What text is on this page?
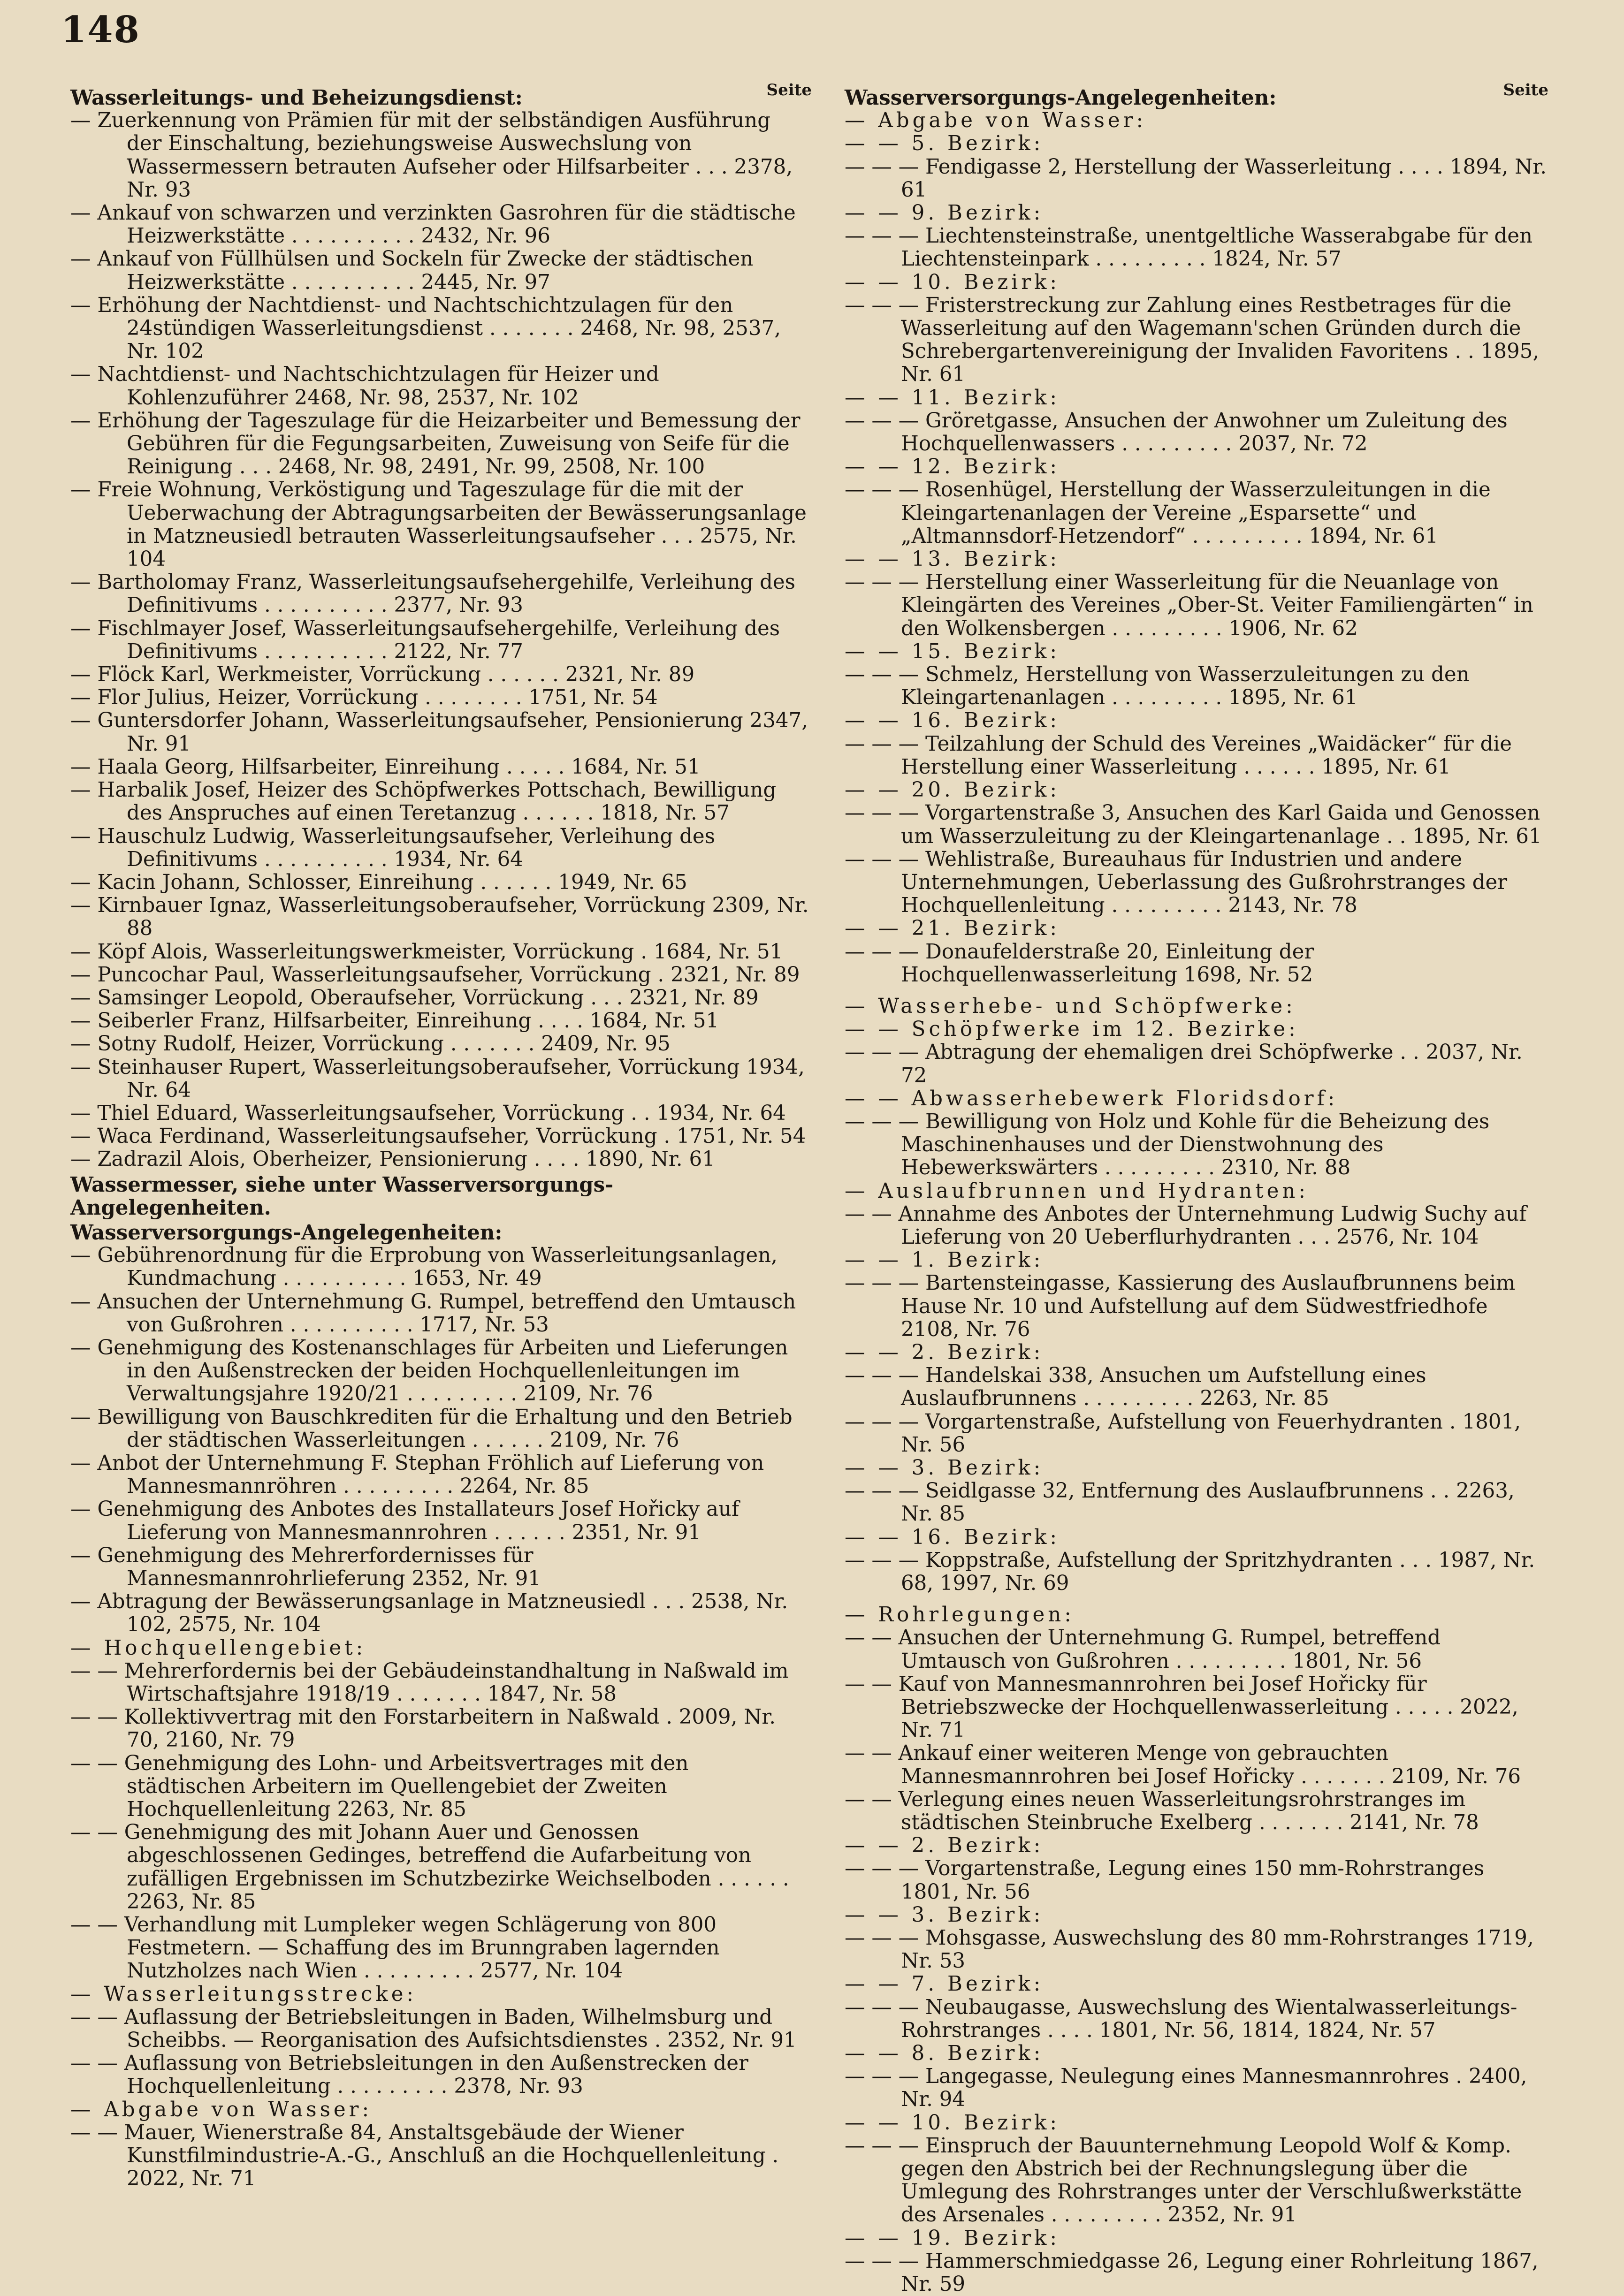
148
Seite
Wasserleitungs- und Beheizungsdienst:
— Zuerkennung von Prämien für mit der selbständigen Ausführung der Einschaltung, beziehungsweise Auswechslung von Wassermessern betrauten Aufseher oder Hilfsarbeiter . . . 2378, Nr. 93
— Ankauf von schwarzen und verzinkten Gasrohren für die städtische Heizwerkstätte . . . . . . . . . . 2432, Nr. 96
— Ankauf von Füllhülsen und Sockeln für Zwecke der städtischen Heizwerkstätte . . . . . . . . . . 2445, Nr. 97
— Erhöhung der Nachtdienst- und Nachtschichtzulagen für den 24stündigen Wasserleitungsdienst . . . . . . . 2468, Nr. 98, 2537, Nr. 102
— Nachtdienst- und Nachtschichtzulagen für Heizer und Kohlenzuführer 2468, Nr. 98, 2537, Nr. 102
— Erhöhung der Tageszulage für die Heizarbeiter und Bemessung der Gebühren für die Fegungsarbeiten, Zuweisung von Seife für die Reinigung . . . 2468, Nr. 98, 2491, Nr. 99, 2508, Nr. 100
— Freie Wohnung, Verköstigung und Tageszulage für die mit der Ueberwachung der Abtragungsarbeiten der Bewässerungsanlage in Matzneusiedl betrauten Wasserleitungsaufseher . . . 2575, Nr. 104
— Bartholomay Franz, Wasserleitungsaufsehergehilfe, Verleihung des Definitivums . . . . . . . . . . 2377, Nr. 93
— Fischlmayer Josef, Wasserleitungsaufsehergehilfe, Verleihung des Definitivums . . . . . . . . . . 2122, Nr. 77
— Flöck Karl, Werkmeister, Vorrückung . . . . . . 2321, Nr. 89
— Flor Julius, Heizer, Vorrückung . . . . . . . . 1751, Nr. 54
— Guntersdorfer Johann, Wasserleitungsaufseher, Pensionierung 2347, Nr. 91
— Haala Georg, Hilfsarbeiter, Einreihung . . . . . 1684, Nr. 51
— Harbalik Josef, Heizer des Schöpfwerkes Pottschach, Bewilligung des Anspruches auf einen Teretanzug . . . . . . 1818, Nr. 57
— Hauschulz Ludwig, Wasserleitungsaufseher, Verleihung des Definitivums . . . . . . . . . . 1934, Nr. 64
— Kacin Johann, Schlosser, Einreihung . . . . . . 1949, Nr. 65
— Kirnbauer Ignaz, Wasserleitungsoberaufseher, Vorrückung 2309, Nr. 88
— Köpf Alois, Wasserleitungswerkmeister, Vorrückung . 1684, Nr. 51
— Puncochar Paul, Wasserleitungsaufseher, Vorrückung . 2321, Nr. 89
— Samsinger Leopold, Oberaufseher, Vorrückung . . . 2321, Nr. 89
— Seiberler Franz, Hilfsarbeiter, Einreihung . . . . 1684, Nr. 51
— Sotny Rudolf, Heizer, Vorrückung . . . . . . . 2409, Nr. 95
— Steinhauser Rupert, Wasserleitungsoberaufseher, Vorrückung 1934, Nr. 64
— Thiel Eduard, Wasserleitungsaufseher, Vorrückung . . 1934, Nr. 64
— Waca Ferdinand, Wasserleitungsaufseher, Vorrückung . 1751, Nr. 54
— Zadrazil Alois, Oberheizer, Pensionierung . . . . 1890, Nr. 61
Wassermesser, siehe unter Wasserversorgungs-Angelegenheiten.
Wasserversorgungs-Angelegenheiten:
— Gebührenordnung für die Erprobung von Wasserleitungsanlagen, Kundmachung . . . . . . . . . . 1653, Nr. 49
— Ansuchen der Unternehmung G. Rumpel, betreffend den Umtausch von Gußrohren . . . . . . . . . . 1717, Nr. 53
— Genehmigung des Kostenanschlages für Arbeiten und Lieferungen in den Außenstrecken der beiden Hochquellenleitungen im Verwaltungsjahre 1920/21 . . . . . . . . . 2109, Nr. 76
— Bewilligung von Bauschkrediten für die Erhaltung und den Betrieb der städtischen Wasserleitungen . . . . . . 2109, Nr. 76
— Anbot der Unternehmung F. Stephan Fröhlich auf Lieferung von Mannesmannröhren . . . . . . . . . 2264, Nr. 85
— Genehmigung des Anbotes des Installateurs Josef Hořicky auf Lieferung von Mannesmannrohren . . . . . . 2351, Nr. 91
— Genehmigung des Mehrerfordernisses für Mannesmannrohrlieferung 2352, Nr. 91
— Abtragung der Bewässerungsanlage in Matzneusiedl . . . 2538, Nr. 102, 2575, Nr. 104
— Hochquellengebiet:
— — Mehrerfordernis bei der Gebäudeinstandhaltung in Naßwald im Wirtschaftsjahre 1918/19 . . . . . . . 1847, Nr. 58
— — Kollektivvertrag mit den Forstarbeitern in Naßwald . 2009, Nr. 70, 2160, Nr. 79
— — Genehmigung des Lohn- und Arbeitsvertrages mit den städtischen Arbeitern im Quellengebiet der Zweiten Hochquellenleitung 2263, Nr. 85
— — Genehmigung des mit Johann Auer und Genossen abgeschlossenen Gedinges, betreffend die Aufarbeitung von zufälligen Ergebnissen im Schutzbezirke Weichselboden . . . . . . 2263, Nr. 85
— — Verhandlung mit Lumpleker wegen Schlägerung von 800 Festmetern. — Schaffung des im Brunngraben lagernden Nutzholzes nach Wien . . . . . . . . . 2577, Nr. 104
— Wasserleitungsstrecke:
— — Auflassung der Betriebsleitungen in Baden, Wilhelmsburg und Scheibbs. — Reorganisation des Aufsichtsdienstes . 2352, Nr. 91
— — Auflassung von Betriebsleitungen in den Außenstrecken der Hochquellenleitung . . . . . . . . . 2378, Nr. 93
— Abgabe von Wasser:
— — Mauer, Wienerstraße 84, Anstaltsgebäude der Wiener Kunstfilmindustrie-A.-G., Anschluß an die Hochquellenleitung . 2022, Nr. 71
Seite
Wasserversorgungs-Angelegenheiten:
— Abgabe von Wasser:
— — 5. Bezirk:
— — — Fendigasse 2, Herstellung der Wasserleitung . . . . 1894, Nr. 61
— — 9. Bezirk:
— — — Liechtensteinstraße, unentgeltliche Wasserabgabe für den Liechtensteinpark . . . . . . . . . 1824, Nr. 57
— — 10. Bezirk:
— — — Fristerstreckung zur Zahlung eines Restbetrages für die Wasserleitung auf den Wagemann'schen Gründen durch die Schrebergartenvereinigung der Invaliden Favoritens . . 1895, Nr. 61
— — 11. Bezirk:
— — — Gröretgasse, Ansuchen der Anwohner um Zuleitung des Hochquellenwassers . . . . . . . . . 2037, Nr. 72
— — 12. Bezirk:
— — — Rosenhügel, Herstellung der Wasserzuleitungen in die Kleingartenanlagen der Vereine „Esparsette“ und „Altmannsdorf-Hetzendorf“ . . . . . . . . . 1894, Nr. 61
— — 13. Bezirk:
— — — Herstellung einer Wasserleitung für die Neuanlage von Kleingärten des Vereines „Ober-St. Veiter Familiengärten“ in den Wolkensbergen . . . . . . . . . 1906, Nr. 62
— — 15. Bezirk:
— — — Schmelz, Herstellung von Wasserzuleitungen zu den Kleingartenanlagen . . . . . . . . . 1895, Nr. 61
— — 16. Bezirk:
— — — Teilzahlung der Schuld des Vereines „Waidäcker“ für die Herstellung einer Wasserleitung . . . . . . 1895, Nr. 61
— — 20. Bezirk:
— — — Vorgartenstraße 3, Ansuchen des Karl Gaida und Genossen um Wasserzuleitung zu der Kleingartenanlage . . 1895, Nr. 61
— — — Wehlistraße, Bureauhaus für Industrien und andere Unternehmungen, Ueberlassung des Gußrohrstranges der Hochquellenleitung . . . . . . . . . 2143, Nr. 78
— — 21. Bezirk:
— — — Donaufelderstraße 20, Einleitung der Hochquellenwasserleitung 1698, Nr. 52
— Wasserhebe- und Schöpfwerke:
— — Schöpfwerke im 12. Bezirke:
— — — Abtragung der ehemaligen drei Schöpfwerke . . 2037, Nr. 72
— — Abwasserhebewerk Floridsdorf:
— — — Bewilligung von Holz und Kohle für die Beheizung des Maschinenhauses und der Dienstwohnung des Hebewerkswärters . . . . . . . . . 2310, Nr. 88
— Auslaufbrunnen und Hydranten:
— — Annahme des Anbotes der Unternehmung Ludwig Suchy auf Lieferung von 20 Ueberflurhydranten . . . 2576, Nr. 104
— — 1. Bezirk:
— — — Bartensteingasse, Kassierung des Auslaufbrunnens beim Hause Nr. 10 und Aufstellung auf dem Südwestfriedhofe 2108, Nr. 76
— — 2. Bezirk:
— — — Handelskai 338, Ansuchen um Aufstellung eines Auslaufbrunnens . . . . . . . . . 2263, Nr. 85
— — — Vorgartenstraße, Aufstellung von Feuerhydranten . 1801, Nr. 56
— — 3. Bezirk:
— — — Seidlgasse 32, Entfernung des Auslaufbrunnens . . 2263, Nr. 85
— — 16. Bezirk:
— — — Koppstraße, Aufstellung der Spritzhydranten . . . 1987, Nr. 68, 1997, Nr. 69
— Rohrlegungen:
— — Ansuchen der Unternehmung G. Rumpel, betreffend Umtausch von Gußrohren . . . . . . . . . 1801, Nr. 56
— — Kauf von Mannesmannrohren bei Josef Hořicky für Betriebszwecke der Hochquellenwasserleitung . . . . . 2022, Nr. 71
— — Ankauf einer weiteren Menge von gebrauchten Mannesmannrohren bei Josef Hořicky . . . . . . . 2109, Nr. 76
— — Verlegung eines neuen Wasserleitungsrohrstranges im städtischen Steinbruche Exelberg . . . . . . . 2141, Nr. 78
— — 2. Bezirk:
— — — Vorgartenstraße, Legung eines 150 mm-Rohrstranges 1801, Nr. 56
— — 3. Bezirk:
— — — Mohsgasse, Auswechslung des 80 mm-Rohrstranges 1719, Nr. 53
— — 7. Bezirk:
— — — Neubaugasse, Auswechslung des Wientalwasserleitungs-Rohrstranges . . . . 1801, Nr. 56, 1814, 1824, Nr. 57
— — 8. Bezirk:
— — — Langegasse, Neulegung eines Mannesmannrohres . 2400, Nr. 94
— — 10. Bezirk:
— — — Einspruch der Bauunternehmung Leopold Wolf & Komp. gegen den Abstrich bei der Rechnungslegung über die Umlegung des Rohrstranges unter der Verschlußwerkstätte des Arsenales . . . . . . . . . 2352, Nr. 91
— — 19. Bezirk:
— — — Hammerschmiedgasse 26, Legung einer Rohrleitung 1867, Nr. 59
